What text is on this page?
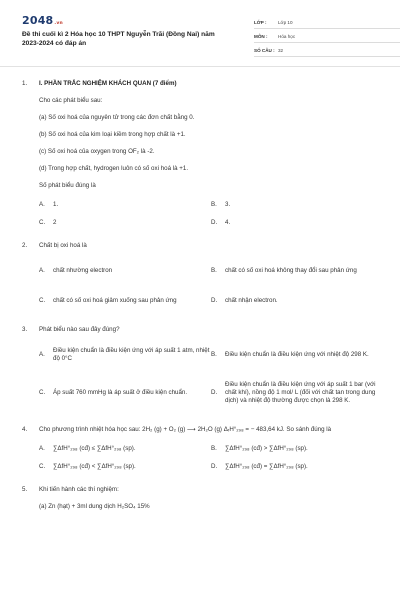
2048.vn
Đề thi cuối kì 2 Hóa học 10 THPT Nguyễn Trãi (Đồng Nai) năm 2023-2024 có đáp án
LỚP :	Lớp 10
MÔN :	Hóa học
SỐ CÂU : 32
1.	I. PHẦN TRẮC NGHIỆM KHÁCH QUAN (7 điểm)
Cho các phát biểu sau:
(a) Số oxi hoá của nguyên tử trong các đơn chất bằng 0.
(b) Số oxi hoá của kim loại kiềm trong hợp chất là +1.
(c) Số oxi hoá của oxygen trong OF₂ là -2.
(d) Trong hợp chất, hydrogen luôn có số oxi hoá là +1.
Số phát biểu đúng là
A.	1.	B.	3.
C.	2	D.	4.
2.	Chất bị oxi hoá là
A.	chất nhường electron	B.	chất có số oxi hoá không thay đổi sau phản ứng
C.	chất có số oxi hoá giảm xuống sau phản ứng	D.	chất nhận electron.
3.	Phát biểu nào sau đây đúng?
A.
Điều kiện chuẩn là điều kiện ứng với áp suất 1 atm, nhiệt độ 0°C
B.	Điều kiện chuẩn là điều kiện ứng với nhiệt độ 298 K.
C.	Áp suất 760 mmHg là áp suất ở điều kiện chuẩn.	D.
Điều kiện chuẩn là điều kiện ứng với áp suất 1 bar (với chất khí), nồng độ 1 mol/ L (đối với chất tan trong dung dịch) và nhiệt độ thường được chọn là 298 K.
4.	Cho phương trình nhiệt hóa học sau: 2H₂ (g) + O₂ (g) ⟶ 2H₂O (g) ΔᵣH°₂₉₈ = − 483,64 kJ. So sánh đúng là
A.	∑ΔfH°₂₉₈ (cđ) ≤ ∑ΔfH°₂₉₈ (sp).	B.	∑ΔfH°₂₉₈ (cđ) > ∑ΔfH°₂₉₈ (sp).
C.	∑ΔfH°₂₉₈ (cđ) < ∑ΔfH°₂₉₈ (sp).	D.	∑ΔfH°₂₉₈ (cđ) = ∑ΔfH°₂₉₈ (sp).
5.	Khi tiến hành các thí nghiệm:
(a) Zn (hạt) + 3ml dung dịch H₂SO₄ 15%
